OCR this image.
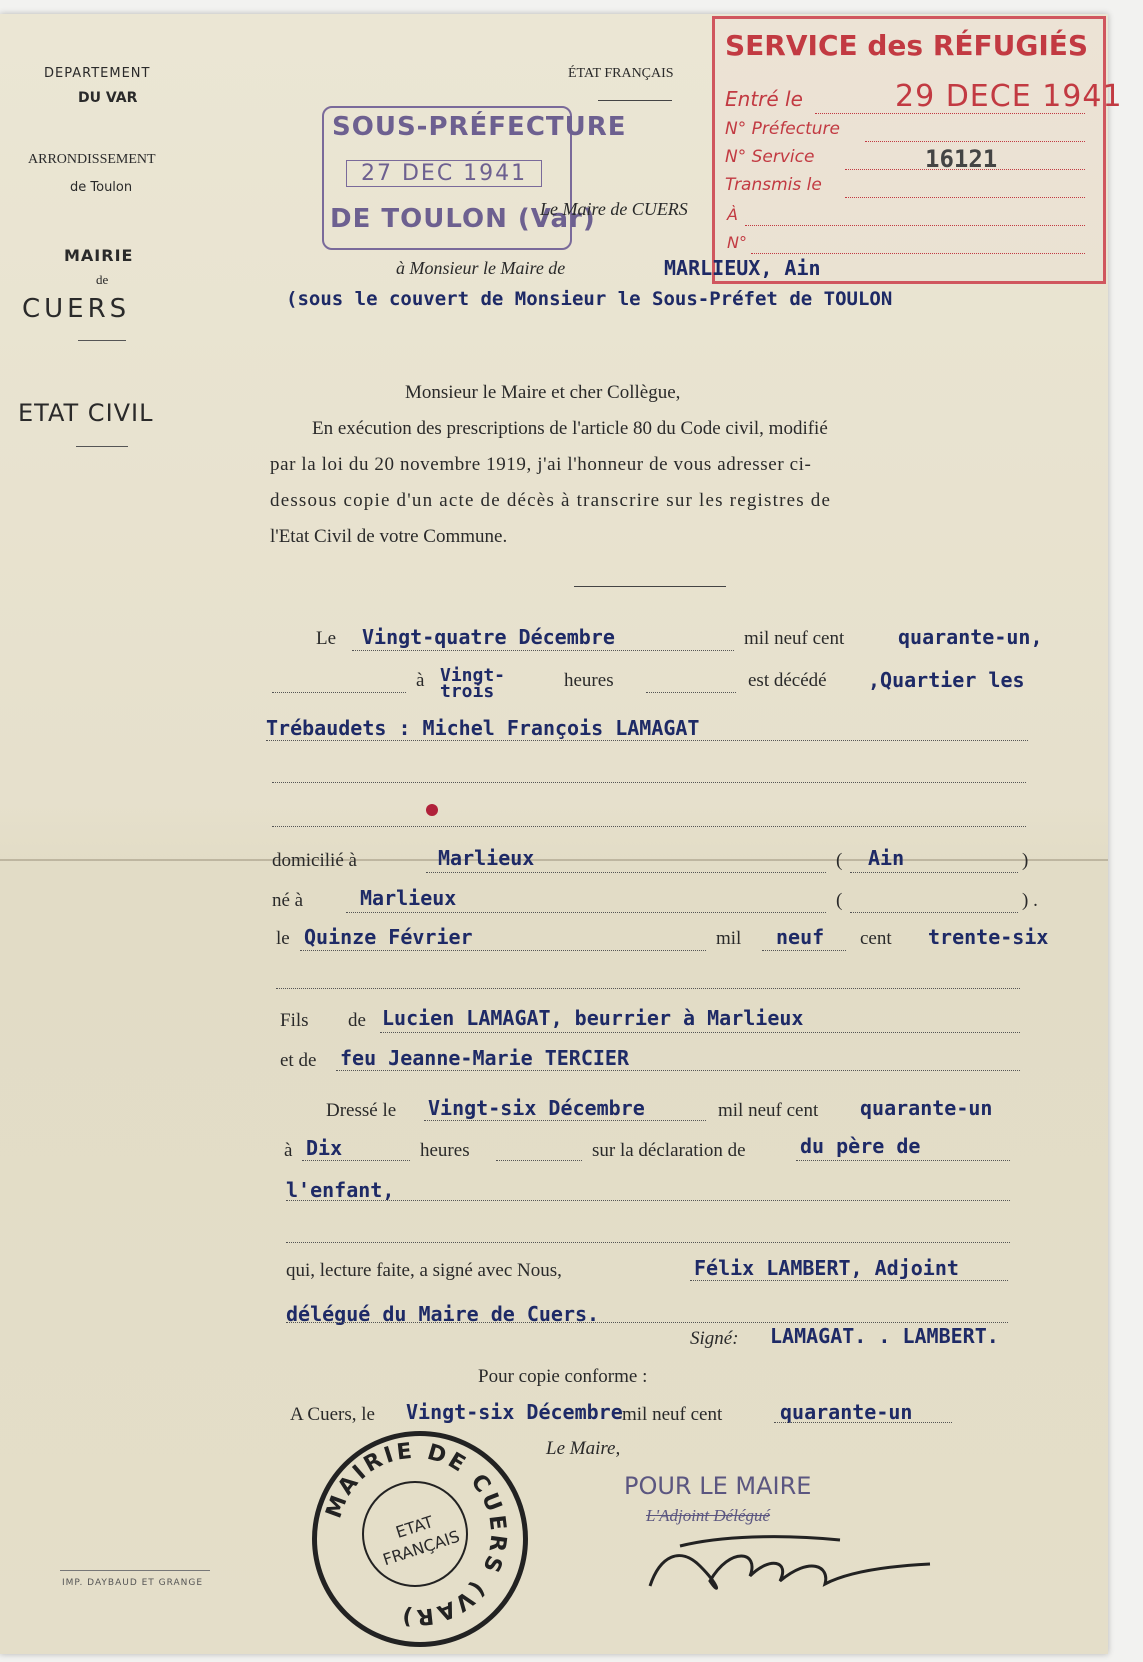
DEPARTEMENT
DU VAR
ARRONDISSEMENT
de Toulon
MAIRIE
de
CUERS
ETAT CIVIL
ÉTAT FRANÇAIS
SOUS-PRÉFECTURE
27 DEC 1941
DE TOULON (Var)
SERVICE des RÉFUGIÉS
Entré le	29 DECE 1941
N° Préfecture
N° Service	16121
Transmis le
À
N°
Le Maire de CUERS
à Monsieur le Maire de	MARLIEUX, Ain
(sous le couvert de Monsieur le Sous-Préfet de TOULON
Monsieur le Maire et cher Collègue,
En exécution des prescriptions de l'article 80 du Code civil, modifié
par la loi du 20 novembre 1919, j'ai l'honneur de vous adresser ci-
dessous copie d'un acte de décès à transcrire sur les registres de
l'Etat Civil de votre Commune.
Le Vingt-quatre Décembre	mil neuf cent	quarante-un,
à Vingt-trois
heures	est décédé ,Quartier les
Trébaudets : Michel François LAMAGAT
domicilié à	Marlieux	( Ain	)
né à	Marlieux	(	) .
le Quinze Février	mil neuf cent trente-six
Fils de Lucien LAMAGAT, beurrier à Marlieux
et de feu Jeanne-Marie TERCIER
Dressé le Vingt-six Décembre	mil neuf cent quarante-un
à Dix	heures	sur la déclaration de	du père de
l'enfant,
qui, lecture faite, a signé avec Nous,	Félix LAMBERT, Adjoint
délégué du Maire de Cuers.
Signé: LAMAGAT. . LAMBERT.
Pour copie conforme :
A Cuers, le Vingt-six Décembre mil neuf cent	quarante-un
Le Maire,
POUR LE MAIRE
L'Adjoint Délégué
MAIRIE DE CUERS (VAR)
ETAT FRANÇAIS
IMP. DAYBAUD ET GRANGE
